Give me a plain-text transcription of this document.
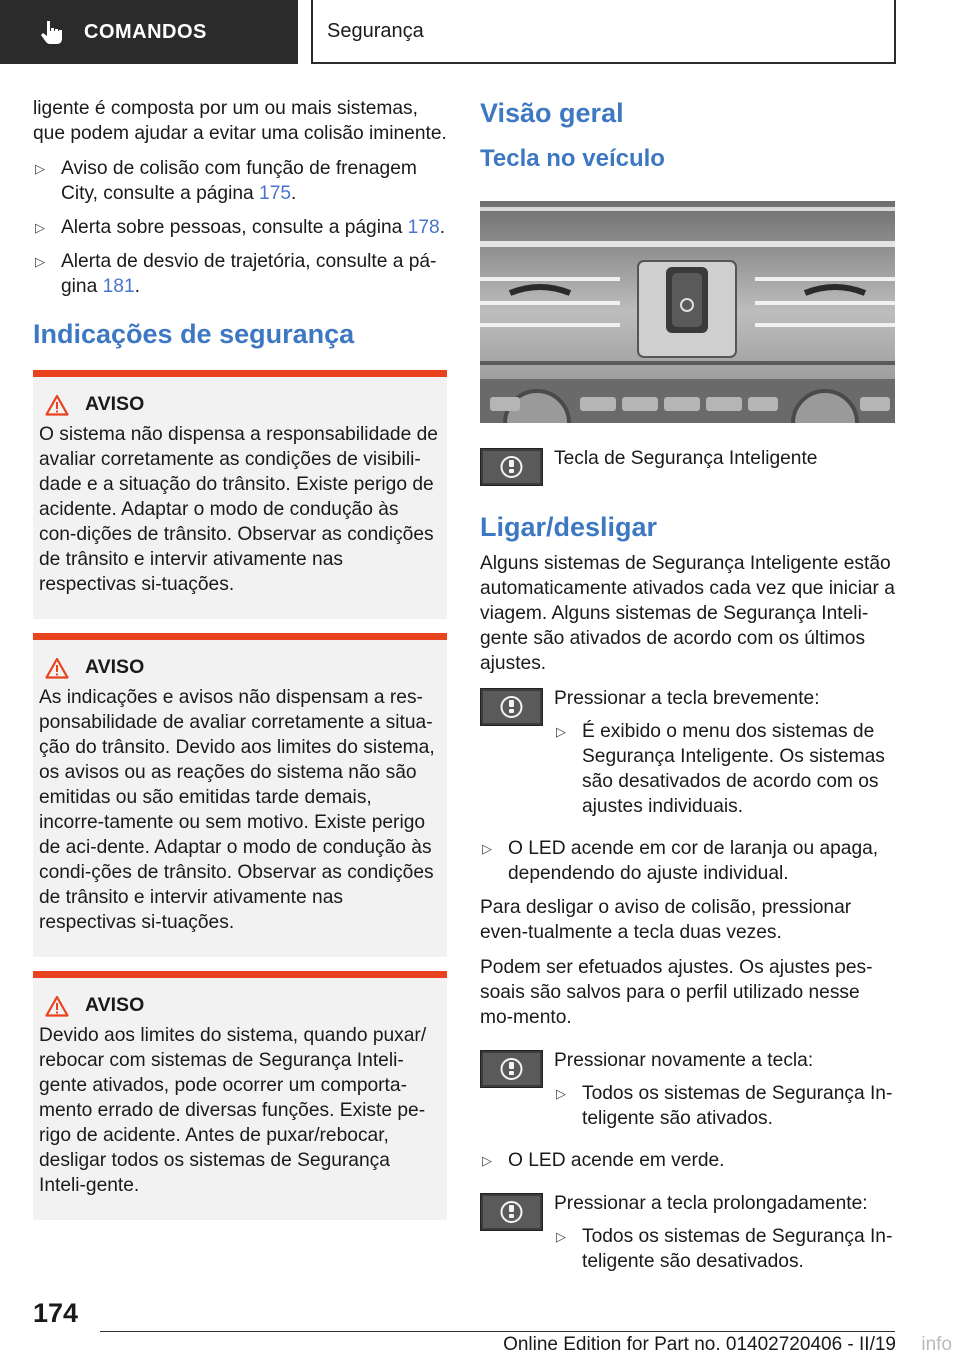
COMANDOS	Segurança

ligente é composta por um ou mais sistemas, que podem ajudar a evitar uma colisão iminente.

▷ Aviso de colisão com função de frenagem City, consulte a página 175.
▷ Alerta sobre pessoas, consulte a página 178.
▷ Alerta de desvio de trajetória, consulte a pá‐gina 181.
Indicações de segurança
AVISO

O sistema não dispensa a responsabilidade de avaliar corretamente as condições de visibili‐dade e a situação do trânsito. Existe perigo de acidente. Adaptar o modo de condução às con‐dições de trânsito. Observar as condições de trânsito e intervir ativamente nas respectivas si‐tuações.

AVISO

As indicações e avisos não dispensam a res‐ponsabilidade de avaliar corretamente a situa‐ção do trânsito. Devido aos limites do sistema, os avisos ou as reações do sistema não são emitidas ou são emitidas tarde demais, incorre‐tamente ou sem motivo. Existe perigo de aci‐dente. Adaptar o modo de condução às condi‐ções de trânsito. Observar as condições de trânsito e intervir ativamente nas respectivas si‐tuações.

AVISO

Devido aos limites do sistema, quando puxar/ rebocar com sistemas de Segurança Inteli‐gente ativados, pode ocorrer um comporta‐mento errado de diversas funções. Existe pe‐rigo de acidente. Antes de puxar/rebocar, desligar todos os sistemas de Segurança Inteli‐gente.

Visão geral
Tecla no veículo

Tecla de Segurança Inteligente

Ligar/desligar

Alguns sistemas de Segurança Inteligente estão automaticamente ativados cada vez que iniciar a viagem. Alguns sistemas de Segurança Inteli‐gente são ativados de acordo com os últimos ajustes.

Pressionar a tecla brevemente:

▷ É exibido o menu dos sistemas de Segurança Inteligente. Os sistemas são desativados de acordo com os ajustes individuais.
▷ O LED acende em cor de laranja ou apaga, dependendo do ajuste individual.

Para desligar o aviso de colisão, pressionar even‐tualmente a tecla duas vezes.

Podem ser efetuados ajustes. Os ajustes pes‐soais são salvos para o perfil utilizado nesse mo‐mento.

Pressionar novamente a tecla:

▷ Todos os sistemas de Segurança In‐teligente são ativados.
▷ O LED acende em verde.

Pressionar a tecla prolongadamente:

▷ Todos os sistemas de Segurança In‐teligente são desativados.
174
Online Edition for Part no. 01402720406 - II/19 info
